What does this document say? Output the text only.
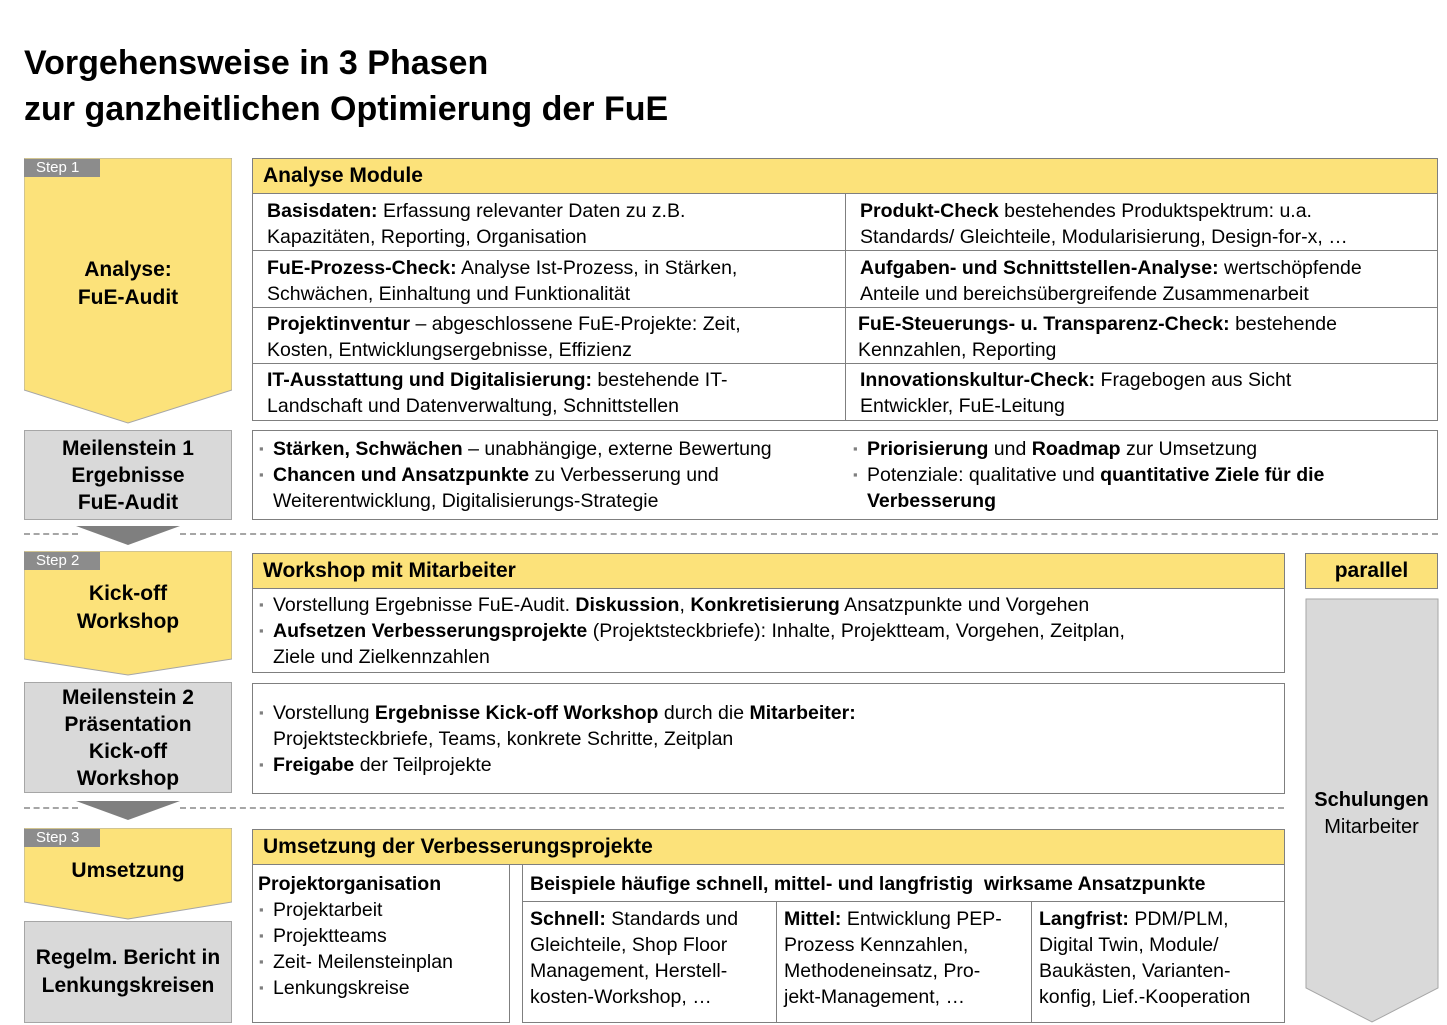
Vorgehensweise in 3 Phasen
zur ganzheitlichen Optimierung der FuE
Step 1
Analyse:
FuE-Audit
Analyse Module
Basisdaten: Erfassung relevanter Daten zu z.B.
Kapazitäten, Reporting, Organisation
Produkt-Check bestehendes Produktspektrum: u.a.
Standards/ Gleichteile, Modularisierung, Design-for-x, …
FuE-Prozess-Check: Analyse Ist-Prozess, in Stärken,
Schwächen, Einhaltung und Funktionalität
Aufgaben- und Schnittstellen-Analyse: wertschöpfende
Anteile und bereichsübergreifende Zusammenarbeit
Projektinventur – abgeschlossene FuE-Projekte: Zeit,
Kosten, Entwicklungsergebnisse, Effizienz
FuE-Steuerungs- u. Transparenz-Check: bestehende
Kennzahlen, Reporting
IT-Ausstattung und Digitalisierung: bestehende IT-
Landschaft und Datenverwaltung, Schnittstellen
Innovationskultur-Check: Fragebogen aus Sicht
Entwickler, FuE-Leitung
Meilenstein 1
Ergebnisse
FuE-Audit
▪ Stärken, Schwächen – unabhängige, externe Bewertung
▪ Chancen und Ansatzpunkte zu Verbesserung und
Weiterentwicklung, Digitalisierungs-Strategie
▪ Priorisierung und Roadmap zur Umsetzung
▪ Potenziale: qualitative und quantitative Ziele für die
Verbesserung
Step 2
Kick-off
Workshop
Workshop mit Mitarbeiter
▪ Vorstellung Ergebnisse FuE-Audit. Diskussion, Konkretisierung Ansatzpunkte und Vorgehen
▪ Aufsetzen Verbesserungsprojekte (Projektsteckbriefe): Inhalte, Projektteam, Vorgehen, Zeitplan,
Ziele und Zielkennzahlen
Meilenstein 2
Präsentation
Kick-off
Workshop
▪ Vorstellung Ergebnisse Kick-off Workshop durch die Mitarbeiter:
Projektsteckbriefe, Teams, konkrete Schritte, Zeitplan
▪ Freigabe der Teilprojekte
parallel
Schulungen
Mitarbeiter
Step 3
Umsetzung
Umsetzung der Verbesserungsprojekte
Projektorganisation
▪ Projektarbeit
▪ Projektteams
▪ Zeit- Meilensteinplan
▪ Lenkungskreise
Beispiele häufige schnell, mittel- und langfristig  wirksame Ansatzpunkte
Schnell: Standards und
Gleichteile, Shop Floor
Management, Herstell-
kosten-Workshop, …
Mittel: Entwicklung PEP-
Prozess Kennzahlen,
Methodeneinsatz, Pro-
jekt-Management, …
Langfrist: PDM/PLM,
Digital Twin, Module/
Baukästen, Varianten-
konfig, Lief.-Kooperation
Regelm. Bericht in
Lenkungskreisen
